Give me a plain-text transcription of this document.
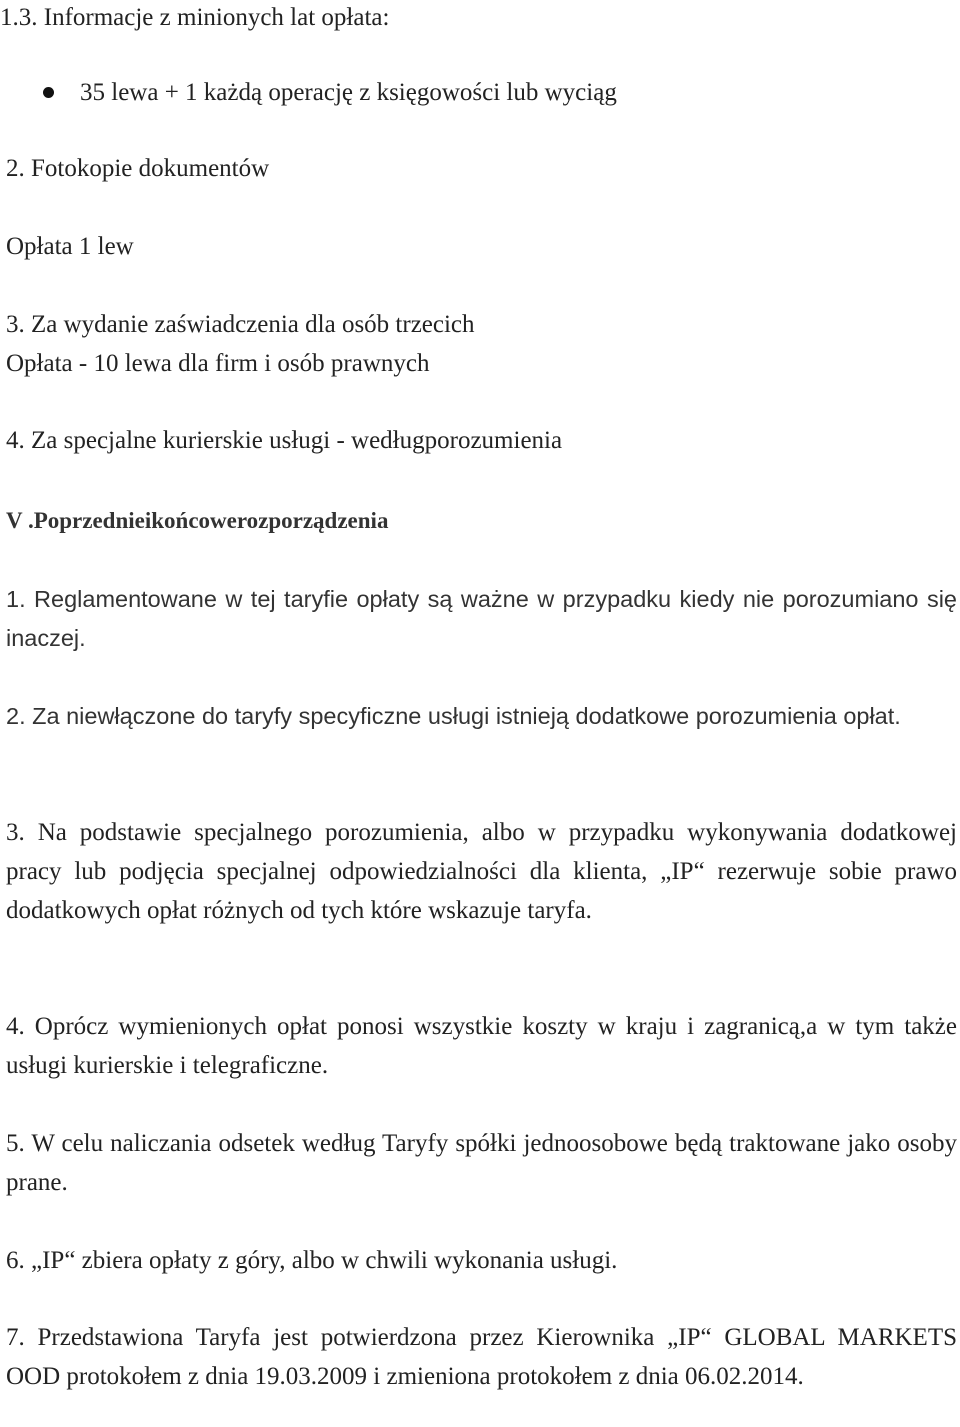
1.3. Informacje z minionych lat opłata:
35 lewa + 1 każdą operację z księgowości lub wyciąg
2. Fotokopie dokumentów
Opłata 1 lew
3. Za wydanie zaświadczenia dla osób trzecich
Opłata - 10 lewa dla firm i osób prawnych
4. Za specjalne kurierskie usługi - wedługporozumienia
V .Poprzednieikońcowerozporządzenia
1. Reglamentowane w tej taryfie opłaty są ważne w przypadku kiedy nie porozumiano się inaczej.
2. Za niewłączone do taryfy specyficzne usługi istnieją dodatkowe porozumienia opłat.
3. Na podstawie specjalnego porozumienia, albo w przypadku wykonywania dodatkowej pracy lub podjęcia specjalnej odpowiedzialności dla klienta, „IP“ rezerwuje sobie prawo dodatkowych opłat różnych od tych które wskazuje taryfa.
4. Oprócz wymienionych opłat ponosi wszystkie koszty w kraju i zagranicą,a w tym także usługi kurierskie i telegraficzne.
5. W celu naliczania odsetek według Taryfy spółki jednoosobowe będą traktowane jako osoby prane.
6. „IP“ zbiera opłaty z góry, albo w chwili wykonania usługi.
7. Przedstawiona Taryfa jest potwierdzona przez Kierownika „IP“ GLOBAL MARKETS OOD protokołem z dnia 19.03.2009 i zmieniona protokołem z dnia 06.02.2014.
